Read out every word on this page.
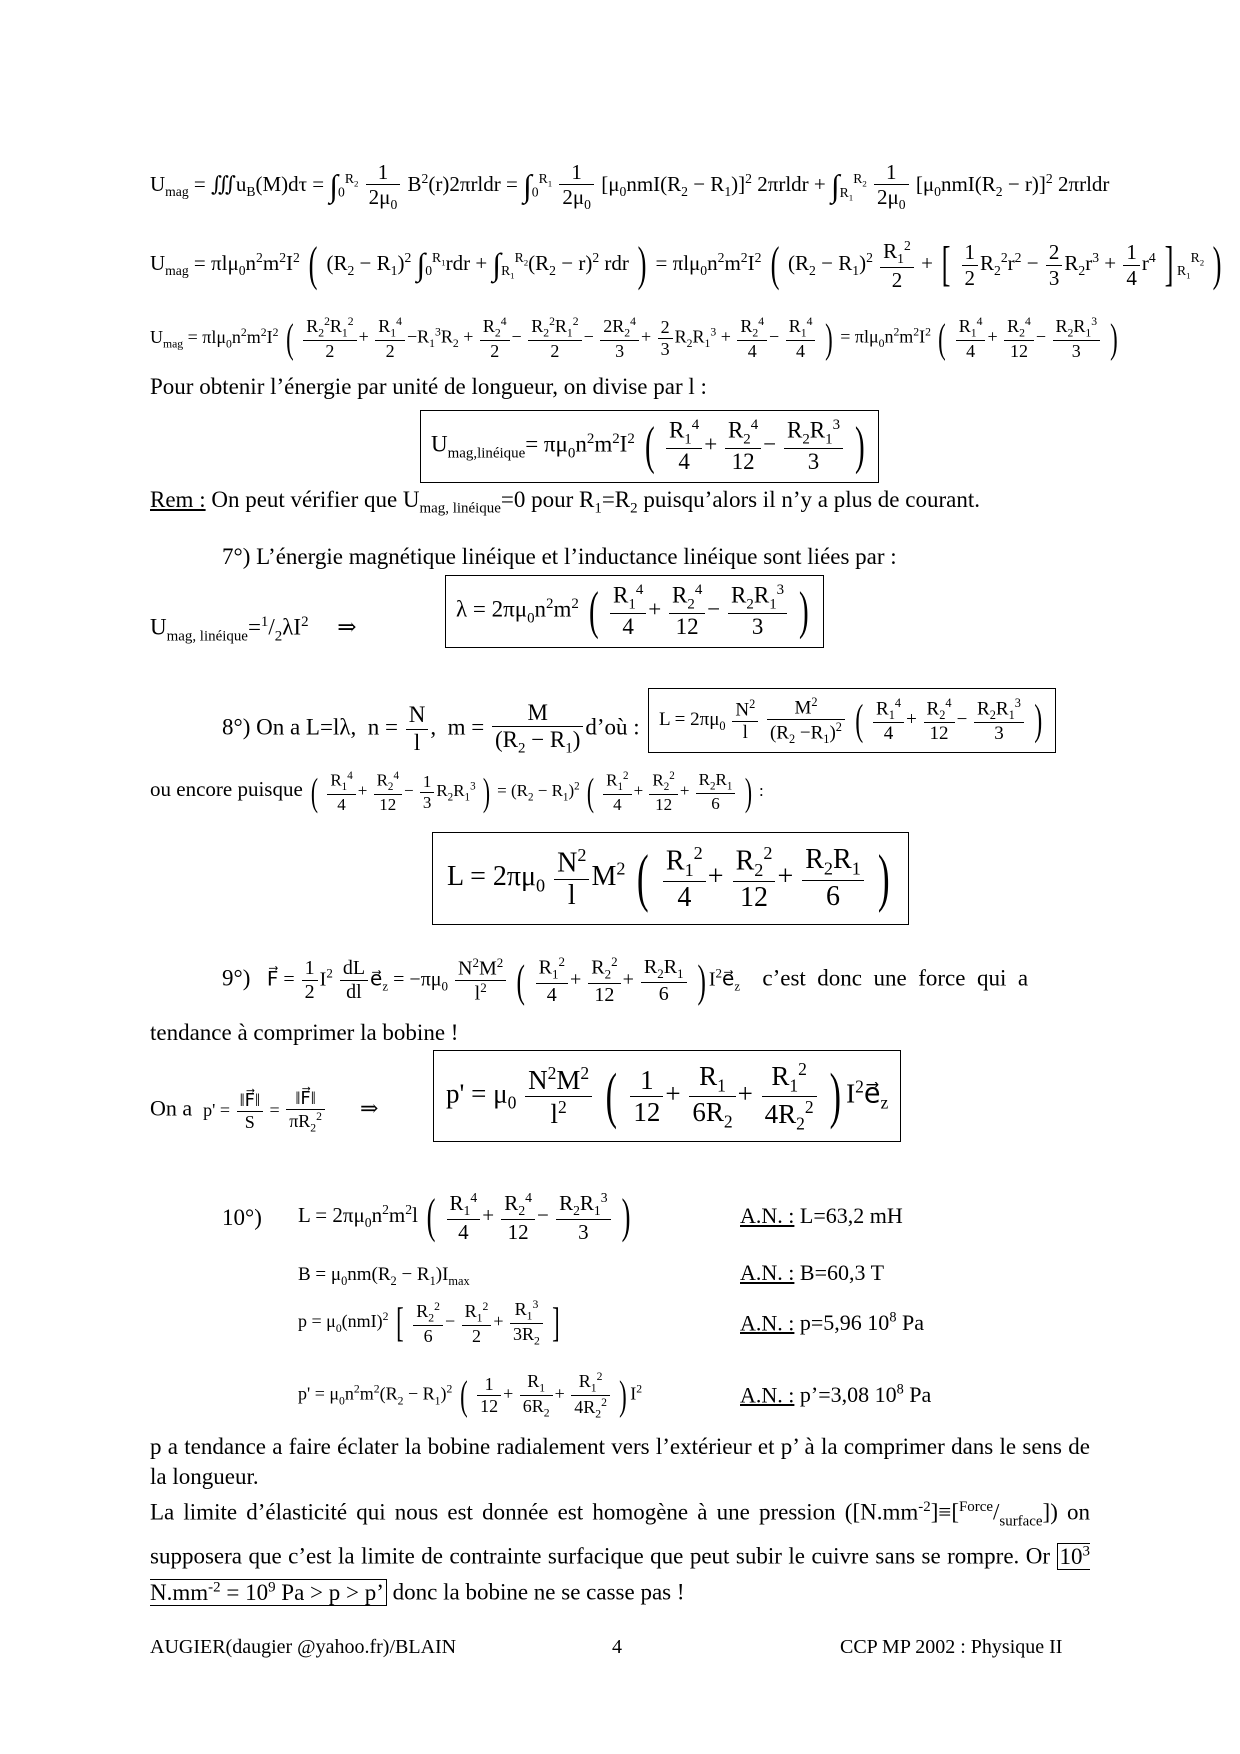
$U_{mag}$ = $∭u_B(M)d\tau = \int_0^{R_2} \frac{1}{2\mu_0}$ $B^2(r)2\pi rldr = \int_0^{R_1} \frac{1}{2\mu_0} [\mu_0nmI(R_2 - R_1)]^2$ 2πrldr + $\int_{R_1}^{R_2} \frac{1}{2\mu_0} [\mu_0nmI(R_2 - r)]^2$ 2πrldr
$U_{mag} = \pi l\mu_0n^2m^2I^2$ ( $(R_2 - R_1)^2$ $\int_0^{R_1}rdr + \int_{R_1}^{R_2}(R_2 - r)^2$ rdr ) = $\pi l\mu_0n^2m^2I^2$ ( $(R_2 - R_1)^2 \frac{R_1^2}{2}$ + [ $\frac{1}{2} R_2^2r^2 - \frac{2}{3} R_2r^3 + \frac{1}{4} r^4$ ] $_{R_1}^{R_2}$ )
$U_{mag} = \pi l\mu_0n^2m^2I^2$ ( $\frac{R_2^2R_1^2}{2} + \frac{R_1^4}{2} -R_1^3R_2 + \frac{R_2^4}{2} - \frac{R_2^2R_1^2}{2} - \frac{2R_2^4}{3} + \frac{2}{3} R_2R_1^3 + \frac{R_2^4}{4} - \frac{R_1^4}{4}$ ) = $\pi l\mu_0n^2m^2I^2$ ( $\frac{R_1^4}{4} + \frac{R_2^4}{12} - \frac{R_2R_1^3}{3}$ )
Pour obtenir l’énergie par unité de longueur, on divise par l :
$U_{mag,linéique}= \pi\mu_0n^2m^2I^2$ ( $\frac{R_1^4}{4} + \frac{R_2^4}{12} - \frac{R_2R_1^3}{3}$ )
Rem : On peut vérifier que $U_{mag, linéique}=0$ pour $R_1=R_2$ puisqu’alors il n’y a plus de courant.
7°) L’énergie magnétique linéique et l’inductance linéique sont liées par :
$U_{mag, linéique}=^1/_2\lambda I^2$     ⇒
$\lambda = 2\pi\mu_0n^2m^2$ ( $\frac{R_1^4}{4} + \frac{R_2^4}{12} - \frac{R_2R_1^3}{3}$ )
8°) On a L=lλ,  $n = \frac{N}{l}$ ,  $m = \frac{M}{(R_2 - R_1)}$ d’où :	$L = 2\pi\mu_0 \frac{N^2}{l}$
$\frac{M^2}{(R_2 -R_1)^2}$ ( $\frac{R_1^4}{4} + \frac{R_2^4}{12} - \frac{R_2R_1^3}{3}$ )
ou encore puisque ( $\frac{R_1^4}{4} + \frac{R_2^4}{12} - \frac{1}{3} R_2R_1^3$ ) = $(R_2 - R_1)^2$ ( $\frac{R_1^2}{4} + \frac{R_2^2}{12} + \frac{R_2R_1}{6}$ ) :
$L = 2\pi\mu_0 \frac{N^2}{l} M^2$ ( $\frac{R_1^2}{4} + \frac{R_2^2}{12} + \frac{R_2R_1}{6}$ )
9°)   F⃗ = $\frac{1}{2} I^2 \frac{dL}{dl}$ $e⃗_z = -\pi\mu_0 \frac{N^2M^2}{l^2}$ ( $\frac{R_1^2}{4} + \frac{R_2^2}{12} + \frac{R_2R_1}{6}$ ) $I^2e⃗_z$    c’est  donc  une  force  qui  a
tendance à comprimer la bobine !
On a  $p' = \frac{‖F⃗‖}{S} = \frac{‖F⃗‖}{\pi R_2^2}$ ⇒	$p' = \mu_0 \frac{N^2M^2}{l^2}$ ( $\frac{1}{12} + \frac{R_1}{6R_2} + \frac{R_1^2}{4R_2^2}$ ) $I^2e⃗_z$
10°)	$L = 2\pi\mu_0n^2m^2l$ ( $\frac{R_1^4}{4} + \frac{R_2^4}{12} - \frac{R_2R_1^3}{3}$ )	A.N. : L=63,2 mH
$B = \mu_0nm(R_2 - R_1)I_{max}$	A.N. : B=60,3 T
$p = \mu_0(nmI)^2$ [ $\frac{R_2^2}{6} - \frac{R_1^2}{2} + \frac{R_1^3}{3R_2}$ ]	A.N. : p=5,96 $10^8$ Pa
$p' = \mu_0n^2m^2(R_2 - R_1)^2$ ( $\frac{1}{12} + \frac{R_1}{6R_2} + \frac{R_1^2}{4R_2^2}$ ) $I^2$	A.N. : p’=3,08 $10^8$ Pa
p a tendance a faire éclater la bobine radialement vers l’extérieur et p’ à la comprimer dans le sens de la longueur.
La limite d’élasticité qui nous est donnée est homogène à une pression $([N.mm^{-2}]\equiv[^{Force}/_{surface}])$ on supposera que c’est la limite de contrainte surfacique que peut subir le cuivre sans se rompre. Or $10^3$ $N.mm^{-2} = 10^9$ Pa > p > p’ donc la bobine ne se casse pas !
AUGIER(daugier @yahoo.fr)/BLAIN	4	CCP MP 2002 : Physique II
